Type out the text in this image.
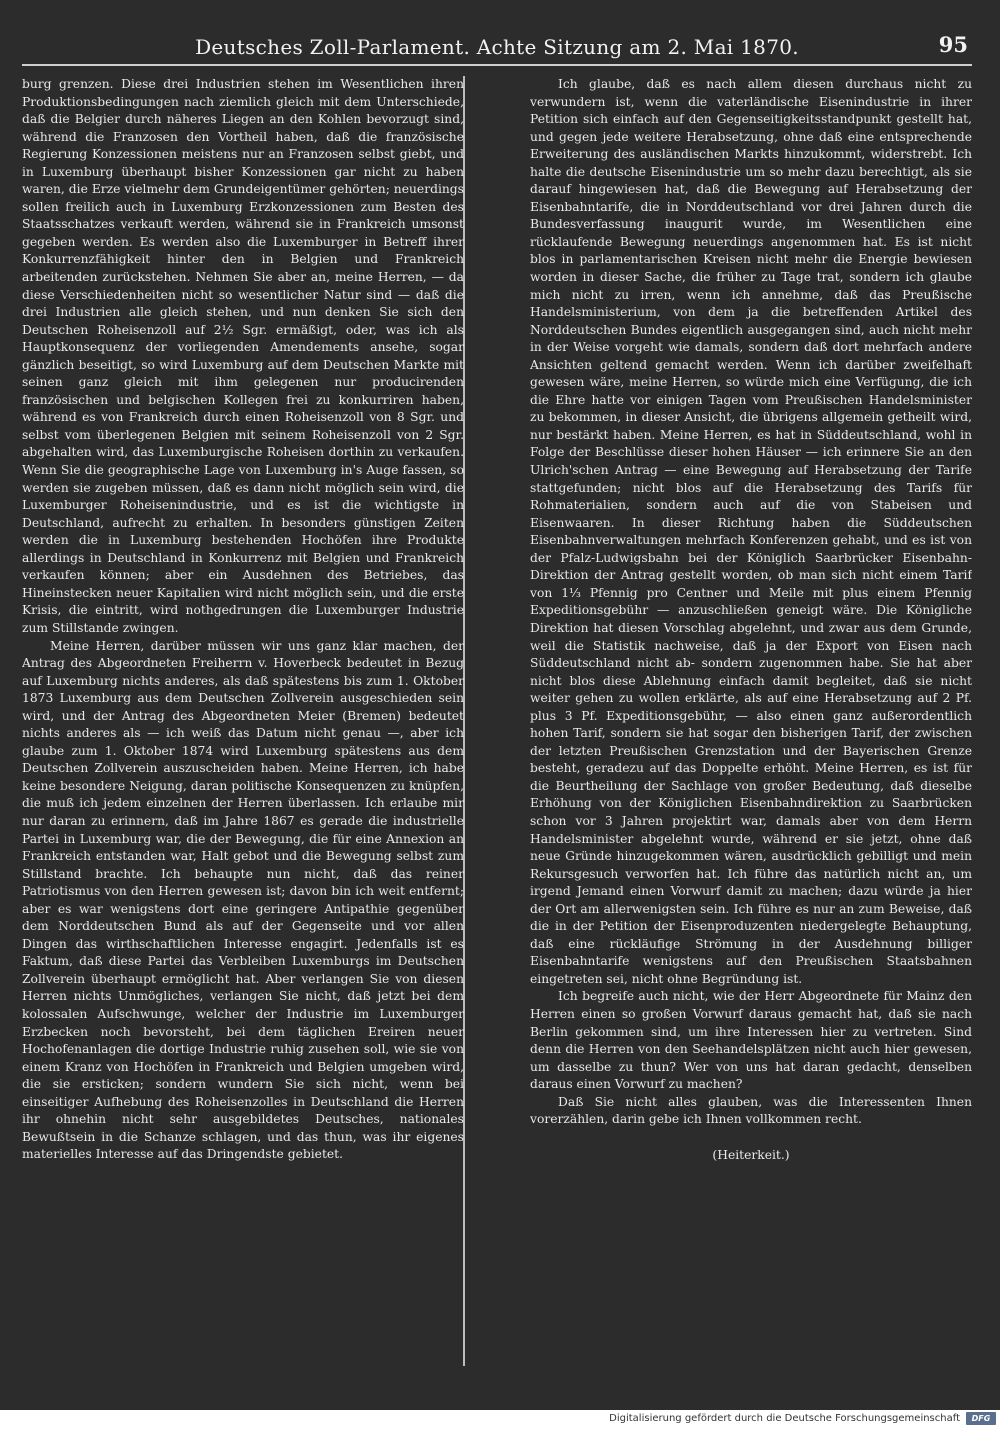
Deutsches Zoll-Parlament. Achte Sitzung am 2. Mai 1870.	95

burg grenzen. Diese drei Industrien stehen im Wesentlichen ihren Produktionsbedingungen nach ziemlich gleich mit dem Unterschiede, daß die Belgier durch näheres Liegen an den Kohlen bevorzugt sind, während die Franzosen den Vortheil haben, daß die französische Regierung Konzessionen meistens nur an Franzosen selbst giebt, und in Luxemburg überhaupt bisher Konzessionen gar nicht zu haben waren, die Erze vielmehr dem Grundeigentümer gehörten; neuerdings sollen freilich auch in Luxemburg Erzkonzessionen zum Besten des Staatsschatzes verkauft werden, während sie in Frankreich umsonst gegeben werden. Es werden also die Luxemburger in Betreff ihrer Konkurrenzfähigkeit hinter den in Belgien und Frankreich arbeitenden zurückstehen. Nehmen Sie aber an, meine Herren, — da diese Verschiedenheiten nicht so wesentlicher Natur sind — daß die drei Industrien alle gleich stehen, und nun denken Sie sich den Deutschen Roheisenzoll auf 2½ Sgr. ermäßigt, oder, was ich als Hauptkonsequenz der vorliegenden Amendements ansehe, sogar gänzlich beseitigt, so wird Luxemburg auf dem Deutschen Markte mit seinen ganz gleich mit ihm gelegenen nur producirenden französischen und belgischen Kollegen frei zu konkurriren haben, während es von Frankreich durch einen Roheisenzoll von 8 Sgr. und selbst vom überlegenen Belgien mit seinem Roheisenzoll von 2 Sgr. abgehalten wird, das Luxemburgische Roheisen dorthin zu verkaufen. Wenn Sie die geographische Lage von Luxemburg in's Auge fassen, so werden sie zugeben müssen, daß es dann nicht möglich sein wird, die Luxemburger Roheisenindustrie, und es ist die wichtigste in Deutschland, aufrecht zu erhalten. In besonders günstigen Zeiten werden die in Luxemburg bestehenden Hochöfen ihre Produkte allerdings in Deutschland in Konkurrenz mit Belgien und Frankreich verkaufen können; aber ein Ausdehnen des Betriebes, das Hineinstecken neuer Kapitalien wird nicht möglich sein, und die erste Krisis, die eintritt, wird nothgedrungen die Luxemburger Industrie zum Stillstande zwingen.

Meine Herren, darüber müssen wir uns ganz klar machen, der Antrag des Abgeordneten Freiherrn v. Hoverbeck bedeutet in Bezug auf Luxemburg nichts anderes, als daß spätestens bis zum 1. Oktober 1873 Luxemburg aus dem Deutschen Zollverein ausgeschieden sein wird, und der Antrag des Abgeordneten Meier (Bremen) bedeutet nichts anderes als — ich weiß das Datum nicht genau —, aber ich glaube zum 1. Oktober 1874 wird Luxemburg spätestens aus dem Deutschen Zollverein auszuscheiden haben. Meine Herren, ich habe keine besondere Neigung, daran politische Konsequenzen zu knüpfen, die muß ich jedem einzelnen der Herren überlassen. Ich erlaube mir nur daran zu erinnern, daß im Jahre 1867 es gerade die industrielle Partei in Luxemburg war, die der Bewegung, die für eine Annexion an Frankreich entstanden war, Halt gebot und die Bewegung selbst zum Stillstand brachte. Ich behaupte nun nicht, daß das reiner Patriotismus von den Herren gewesen ist; davon bin ich weit entfernt; aber es war wenigstens dort eine geringere Antipathie gegenüber dem Norddeutschen Bund als auf der Gegenseite und vor allen Dingen das wirthschaftlichen Interesse engagirt. Jedenfalls ist es Faktum, daß diese Partei das Verbleiben Luxemburgs im Deutschen Zollverein überhaupt ermöglicht hat. Aber verlangen Sie von diesen Herren nichts Unmögliches, verlangen Sie nicht, daß jetzt bei dem kolossalen Aufschwunge, welcher der Industrie im Luxemburger Erzbecken noch bevorsteht, bei dem täglichen Ereiren neuer Hochofenanlagen die dortige Industrie ruhig zusehen soll, wie sie von einem Kranz von Hochöfen in Frankreich und Belgien umgeben wird, die sie ersticken; sondern wundern Sie sich nicht, wenn bei einseitiger Aufhebung des Roheisenzolles in Deutschland die Herren ihr ohnehin nicht sehr ausgebildetes Deutsches, nationales Bewußtsein in die Schanze schlagen, und das thun, was ihr eigenes materielles Interesse auf das Dringendste gebietet.

Ich glaube, daß es nach allem diesen durchaus nicht zu verwundern ist, wenn die vaterländische Eisenindustrie in ihrer Petition sich einfach auf den Gegenseitigkeitsstandpunkt gestellt hat, und gegen jede weitere Herabsetzung, ohne daß eine entsprechende Erweiterung des ausländischen Markts hinzukommt, widerstrebt. Ich halte die deutsche Eisenindustrie um so mehr dazu berechtigt, als sie darauf hingewiesen hat, daß die Bewegung auf Herabsetzung der Eisenbahntarife, die in Norddeutschland vor drei Jahren durch die Bundesverfassung inaugurit wurde, im Wesentlichen eine rücklaufende Bewegung neuerdings angenommen hat. Es ist nicht blos in parlamentarischen Kreisen nicht mehr die Energie bewiesen worden in dieser Sache, die früher zu Tage trat, sondern ich glaube mich nicht zu irren, wenn ich annehme, daß das Preußische Handelsministerium, von dem ja die betreffenden Artikel des Norddeutschen Bundes eigentlich ausgegangen sind, auch nicht mehr in der Weise vorgeht wie damals, sondern daß dort mehrfach andere Ansichten geltend gemacht werden. Wenn ich darüber zweifelhaft gewesen wäre, meine Herren, so würde mich eine Verfügung, die ich die Ehre hatte vor einigen Tagen vom Preußischen Handelsminister zu bekommen, in dieser Ansicht, die übrigens allgemein getheilt wird, nur bestärkt haben. Meine Herren, es hat in Süddeutschland, wohl in Folge der Beschlüsse dieser hohen Häuser — ich erinnere Sie an den Ulrich'schen Antrag — eine Bewegung auf Herabsetzung der Tarife stattgefunden; nicht blos auf die Herabsetzung des Tarifs für Rohmaterialien, sondern auch auf die von Stabeisen und Eisenwaaren. In dieser Richtung haben die Süddeutschen Eisenbahnverwaltungen mehrfach Konferenzen gehabt, und es ist von der Pfalz-Ludwigsbahn bei der Königlich Saarbrücker Eisenbahn-Direktion der Antrag gestellt worden, ob man sich nicht einem Tarif von 1⅓ Pfennig pro Centner und Meile mit plus einem Pfennig Expeditionsgebühr — anzuschließen geneigt wäre. Die Königliche Direktion hat diesen Vorschlag abgelehnt, und zwar aus dem Grunde, weil die Statistik nachweise, daß ja der Export von Eisen nach Süddeutschland nicht ab- sondern zugenommen habe. Sie hat aber nicht blos diese Ablehnung einfach damit begleitet, daß sie nicht weiter gehen zu wollen erklärte, als auf eine Herabsetzung auf 2 Pf. plus 3 Pf. Expeditionsgebühr, — also einen ganz außerordentlich hohen Tarif, sondern sie hat sogar den bisherigen Tarif, der zwischen der letzten Preußischen Grenzstation und der Bayerischen Grenze besteht, geradezu auf das Doppelte erhöht. Meine Herren, es ist für die Beurtheilung der Sachlage von großer Bedeutung, daß dieselbe Erhöhung von der Königlichen Eisenbahndirektion zu Saarbrücken schon vor 3 Jahren projektirt war, damals aber von dem Herrn Handelsminister abgelehnt wurde, während er sie jetzt, ohne daß neue Gründe hinzugekommen wären, ausdrücklich gebilligt und mein Rekursgesuch verworfen hat. Ich führe das natürlich nicht an, um irgend Jemand einen Vorwurf damit zu machen; dazu würde ja hier der Ort am allerwenigsten sein. Ich führe es nur an zum Beweise, daß die in der Petition der Eisenproduzenten niedergelegte Behauptung, daß eine rückläufige Strömung in der Ausdehnung billiger Eisenbahntarife wenigstens auf den Preußischen Staatsbahnen eingetreten sei, nicht ohne Begründung ist.

Ich begreife auch nicht, wie der Herr Abgeordnete für Mainz den Herren einen so großen Vorwurf daraus gemacht hat, daß sie nach Berlin gekommen sind, um ihre Interessen hier zu vertreten. Sind denn die Herren von den Seehandelsplätzen nicht auch hier gewesen, um dasselbe zu thun? Wer von uns hat daran gedacht, denselben daraus einen Vorwurf zu machen?

Daß Sie nicht alles glauben, was die Interessenten Ihnen vorerzählen, darin gebe ich Ihnen vollkommen recht.

(Heiterkeit.)

Digitalisierung gefördert durch die Deutsche Forschungsgemeinschaft	DFG
